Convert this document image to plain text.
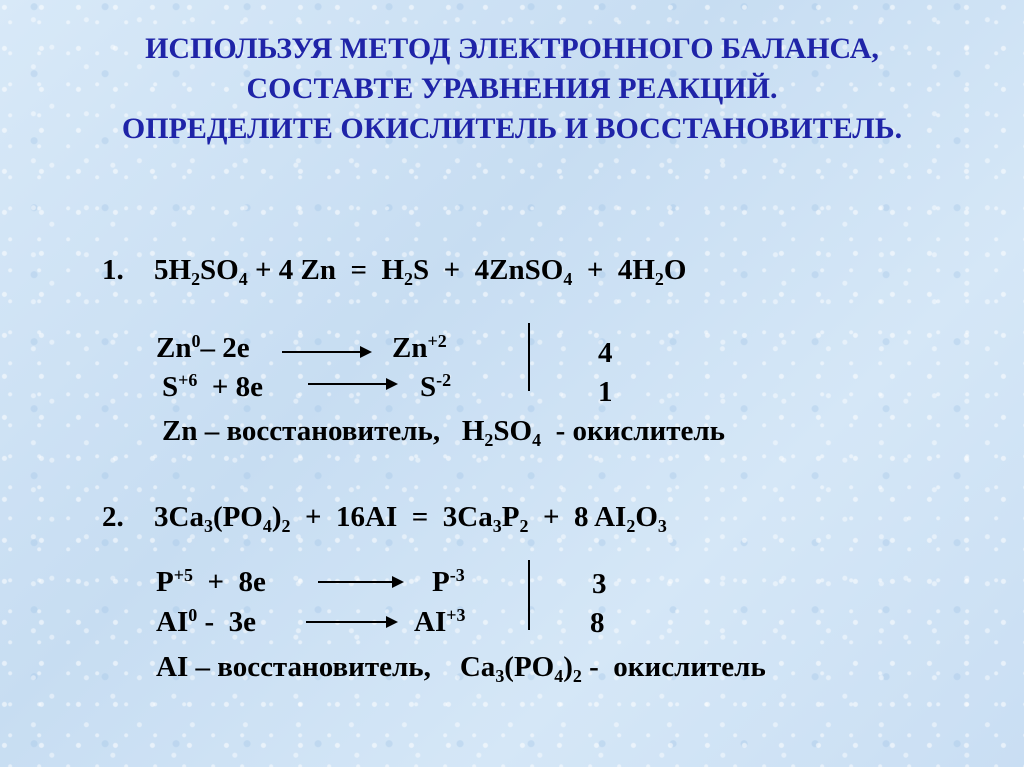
ИСПОЛЬЗУЯ МЕТОД ЭЛЕКТРОННОГО БАЛАНСА,
СОСТАВТЕ УРАВНЕНИЯ РЕАКЦИЙ.
ОПРЕДЕЛИТЕ ОКИСЛИТЕЛЬ И ВОССТАНОВИТЕЛЬ.
1. $5H_2SO_4 + 4$ $Zn = H_2S$  +  4ZnSO$_4$  +  $4H_2O$
Zn$^0$– 2e	$Zn^{+2}$	4
$S^{+6} + 8e$	$S^{-2}$	1
Zn – восстановитель,   $H_2SO_4$  - окислитель
2. $3Ca_3(PO_4)_2 + 16AI = 3Ca_3P_2 + 8$ $AI_2O_3$
$P^{+5} + 8e$	$P^{-3}$	3
$AI^0 - 3e$	$AI^{+3}$	8
AI – восстановитель,    $Ca_3(PO_4)_2$ -  окислитель
